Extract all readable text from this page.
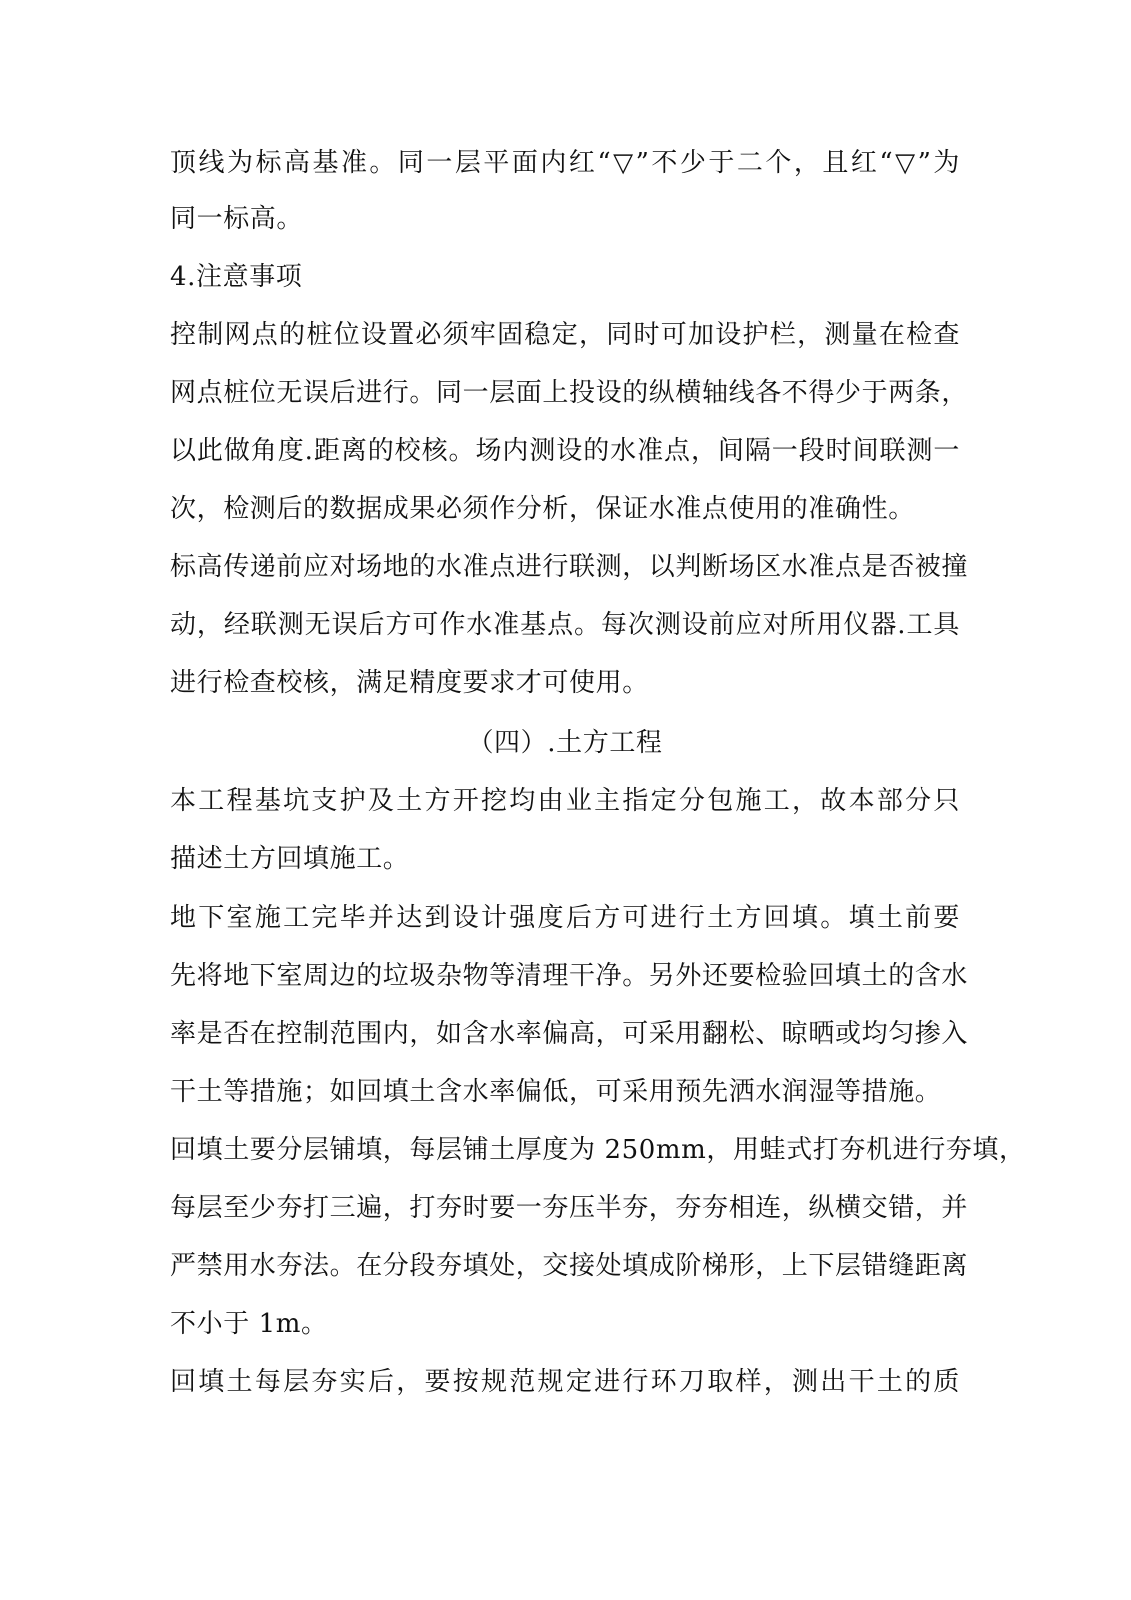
顶线为标高基准。同一层平面内红“▽”不少于二个，且红“▽”为
同一标高。
4.注意事项
控制网点的桩位设置必须牢固稳定，同时可加设护栏，测量在检查
网点桩位无误后进行。同一层面上投设的纵横轴线各不得少于两条，
以此做角度.距离的校核。场内测设的水准点，间隔一段时间联测一
次，检测后的数据成果必须作分析，保证水准点使用的准确性。
标高传递前应对场地的水准点进行联测，以判断场区水准点是否被撞
动，经联测无误后方可作水准基点。每次测设前应对所用仪器.工具
进行检查校核，满足精度要求才可使用。
（四）.土方工程
本工程基坑支护及土方开挖均由业主指定分包施工，故本部分只
描述土方回填施工。
地下室施工完毕并达到设计强度后方可进行土方回填。填土前要
先将地下室周边的垃圾杂物等清理干净。另外还要检验回填土的含水
率是否在控制范围内，如含水率偏高，可采用翻松、晾晒或均匀掺入
干土等措施；如回填土含水率偏低，可采用预先洒水润湿等措施。
回填土要分层铺填，每层铺土厚度为 250mm，用蛙式打夯机进行夯填，
每层至少夯打三遍，打夯时要一夯压半夯，夯夯相连，纵横交错，并
严禁用水夯法。在分段夯填处，交接处填成阶梯形，上下层错缝距离
不小于 1m。
回填土每层夯实后，要按规范规定进行环刀取样，测出干土的质
